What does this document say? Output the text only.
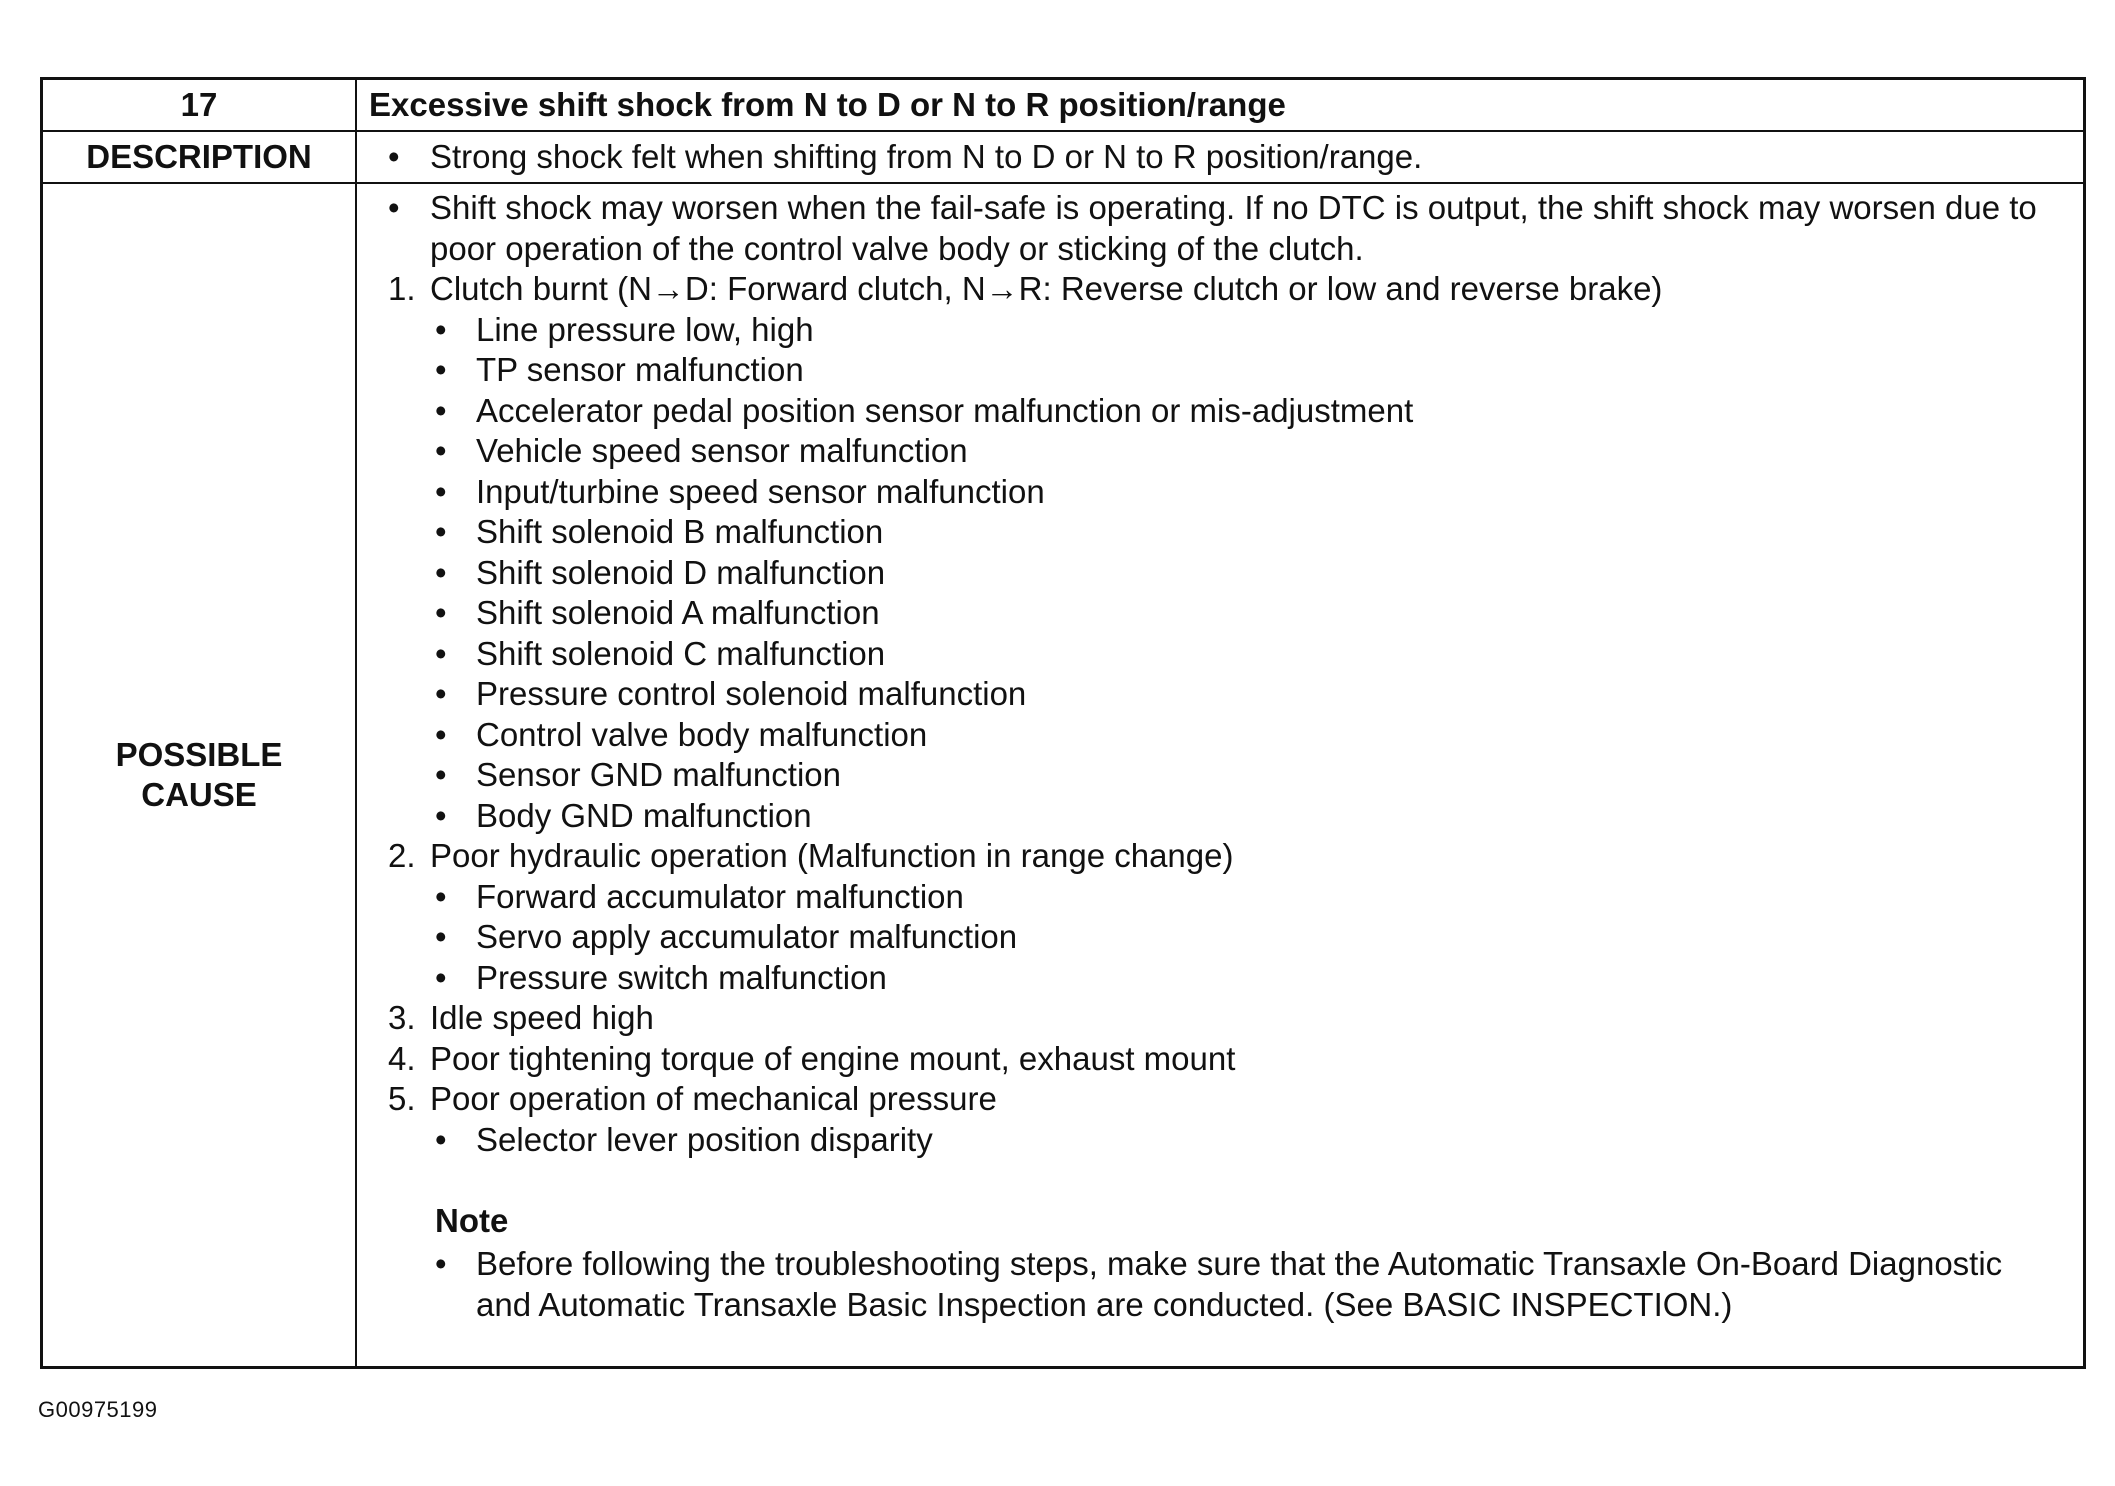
17	Excessive shift shock from N to D or N to R position/range
DESCRIPTION	• Strong shock felt when shifting from N to D or N to R position/range.
POSSIBLE
CAUSE
• Shift shock may worsen when the fail-safe is operating. If no DTC is output, the shift shock may worsen due to poor operation of the control valve body or sticking of the clutch.
1. Clutch burnt (N→D: Forward clutch, N→R: Reverse clutch or low and reverse brake)
• Line pressure low, high
• TP sensor malfunction
• Accelerator pedal position sensor malfunction or mis-adjustment
• Vehicle speed sensor malfunction
• Input/turbine speed sensor malfunction
• Shift solenoid B malfunction
• Shift solenoid D malfunction
• Shift solenoid A malfunction
• Shift solenoid C malfunction
• Pressure control solenoid malfunction
• Control valve body malfunction
• Sensor GND malfunction
• Body GND malfunction
2. Poor hydraulic operation (Malfunction in range change)
• Forward accumulator malfunction
• Servo apply accumulator malfunction
• Pressure switch malfunction
3. Idle speed high
4. Poor tightening torque of engine mount, exhaust mount
5. Poor operation of mechanical pressure
• Selector lever position disparity
Note
• Before following the troubleshooting steps, make sure that the Automatic Transaxle On-Board Diagnostic and Automatic Transaxle Basic Inspection are conducted. (See BASIC INSPECTION.)
G00975199
